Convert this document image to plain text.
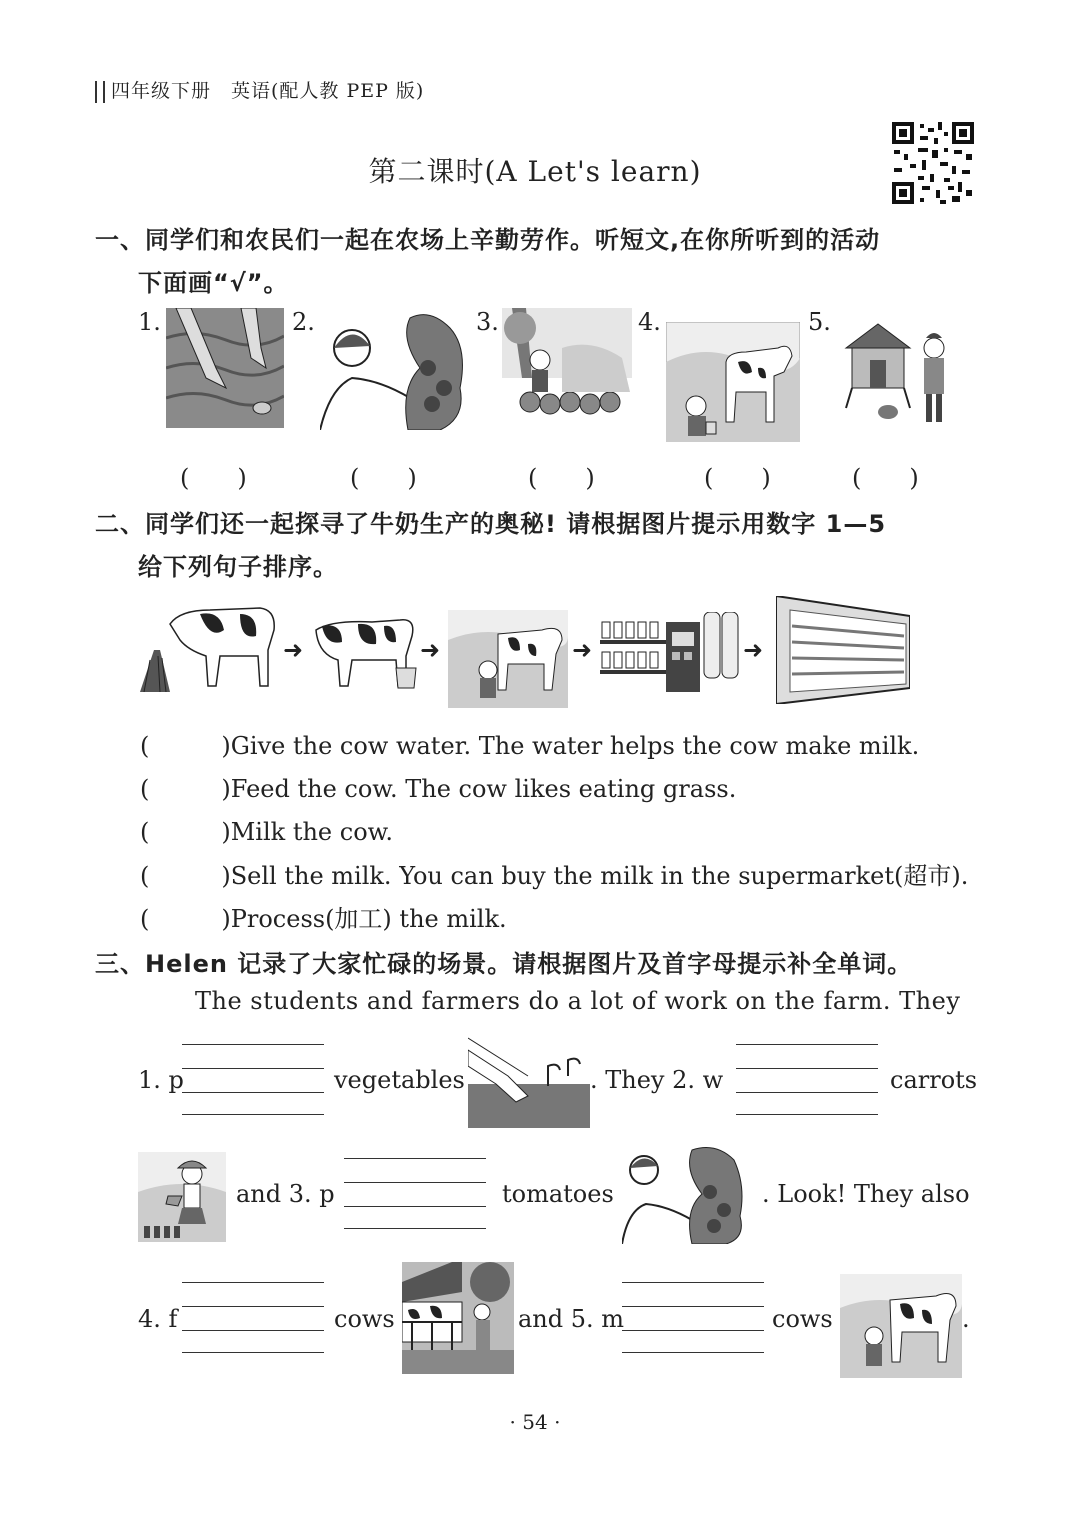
四年级下册　英语(配人教 PEP 版)
第二课时(A Let's learn)
一、同学们和农民们一起在农场上辛勤劳作。听短文,在你所听到的活动
下面画“√”。
1.	2.	3.	4.	5.
(　　)	(　　)	(　　)	(　　)	(　　)
二、同学们还一起探寻了牛奶生产的奥秘! 请根据图片提示用数字 1—5
给下列句子排序。
➜	➜	➜	➜
(　　　)Give the cow water. The water helps the cow make milk.
(　　　)Feed the cow. The cow likes eating grass.
(　　　)Milk the cow.
(　　　)Sell the milk. You can buy the milk in the supermarket(超市).
(　　　)Process(加工) the milk.
三、Helen 记录了大家忙碌的场景。请根据图片及首字母提示补全单词。
The students and farmers do a lot of work on the farm. They
1. p	vegetables	. They 2. w	carrots
and 3. p	tomatoes	. Look! They also
4. f	cows	and 5. m	cows	.
· 54 ·
